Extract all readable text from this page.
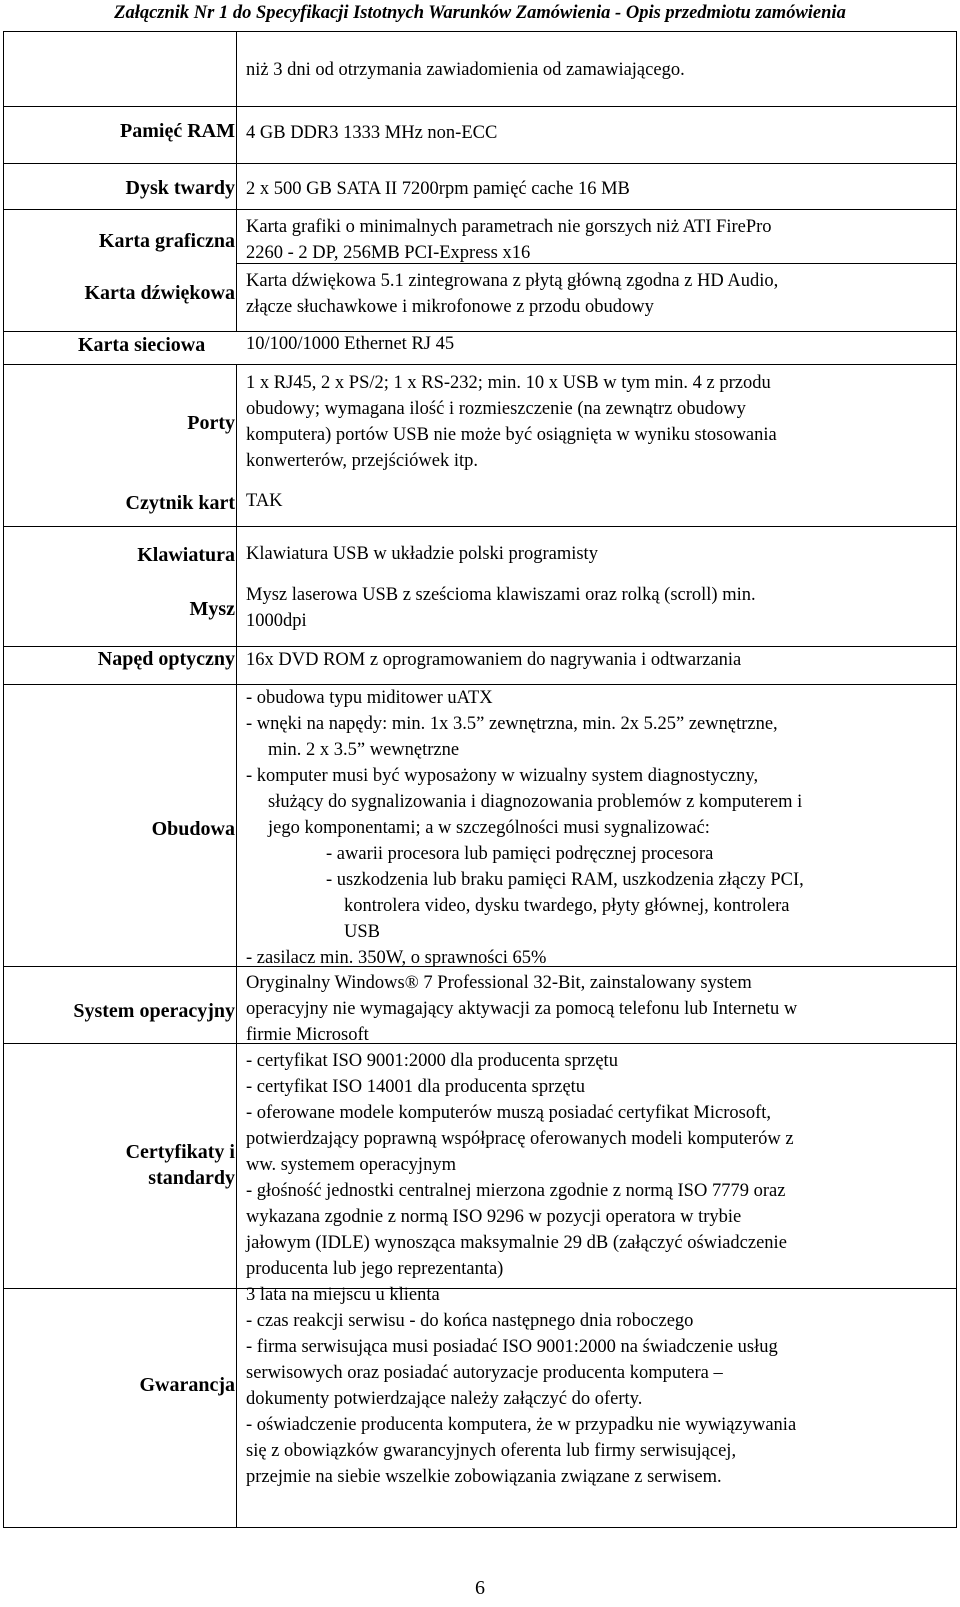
Załącznik Nr 1 do Specyfikacji Istotnych Warunków Zamówienia - Opis przedmiotu zamówienia
niż 3 dni od otrzymania zawiadomienia od zamawiającego.
Pamięć RAM 4 GB DDR3 1333 MHz non-ECC
Dysk twardy 2 x 500 GB SATA II 7200rpm pamięć cache 16 MB
Karta graficzna
Karta grafiki o minimalnych parametrach nie gorszych niż ATI FirePro
2260 - 2 DP, 256MB PCI-Express x16
Karta dźwiękowa
Karta dźwiękowa 5.1 zintegrowana z płytą główną zgodna z HD Audio,
złącze słuchawkowe i mikrofonowe z przodu obudowy
Karta sieciowa 10/100/1000 Ethernet RJ 45
Porty
1 x RJ45, 2 x PS/2; 1 x RS-232; min. 10 x USB w tym min. 4 z przodu
obudowy; wymagana ilość i rozmieszczenie (na zewnątrz obudowy
komputera) portów USB nie może być osiągnięta w wyniku stosowania
konwerterów, przejściówek itp.
Czytnik kart TAK
Klawiatura Klawiatura USB w układzie polski programisty
Mysz
Mysz laserowa USB z sześcioma klawiszami oraz rolką (scroll) min.
1000dpi
Napęd optyczny 16x DVD ROM z oprogramowaniem do nagrywania i odtwarzania
Obudowa
- obudowa typu miditower uATX
- wnęki na napędy: min. 1x 3.5” zewnętrzna, min. 2x 5.25” zewnętrzne,
min. 2 x 3.5” wewnętrzne
- komputer musi być wyposażony w wizualny system diagnostyczny,
służący do sygnalizowania i diagnozowania problemów z komputerem i
jego komponentami; a w szczególności musi sygnalizować:
- awarii procesora lub pamięci podręcznej procesora
- uszkodzenia lub braku pamięci RAM, uszkodzenia złączy PCI,
kontrolera video, dysku twardego, płyty głównej, kontrolera
USB
- zasilacz min. 350W, o sprawności 65%
System operacyjny
Oryginalny Windows® 7 Professional 32-Bit, zainstalowany system
operacyjny nie wymagający aktywacji za pomocą telefonu lub Internetu w
firmie Microsoft
Certyfikaty i
standardy
- certyfikat ISO 9001:2000 dla producenta sprzętu
- certyfikat ISO 14001 dla producenta sprzętu
- oferowane modele komputerów muszą posiadać certyfikat Microsoft,
potwierdzający poprawną współpracę oferowanych modeli komputerów z
ww. systemem operacyjnym
- głośność jednostki centralnej mierzona zgodnie z normą ISO 7779 oraz
wykazana zgodnie z normą ISO 9296 w pozycji operatora w trybie
jałowym (IDLE) wynosząca maksymalnie 29 dB (załączyć oświadczenie
producenta lub jego reprezentanta)
Gwarancja
3 lata na miejscu u klienta
- czas reakcji serwisu - do końca następnego dnia roboczego
- firma serwisująca musi posiadać ISO 9001:2000 na świadczenie usług
serwisowych oraz posiadać autoryzacje producenta komputera –
dokumenty potwierdzające należy załączyć do oferty.
- oświadczenie producenta komputera, że w przypadku nie wywiązywania
się z obowiązków gwarancyjnych oferenta lub firmy serwisującej,
przejmie na siebie wszelkie zobowiązania związane z serwisem.
6
